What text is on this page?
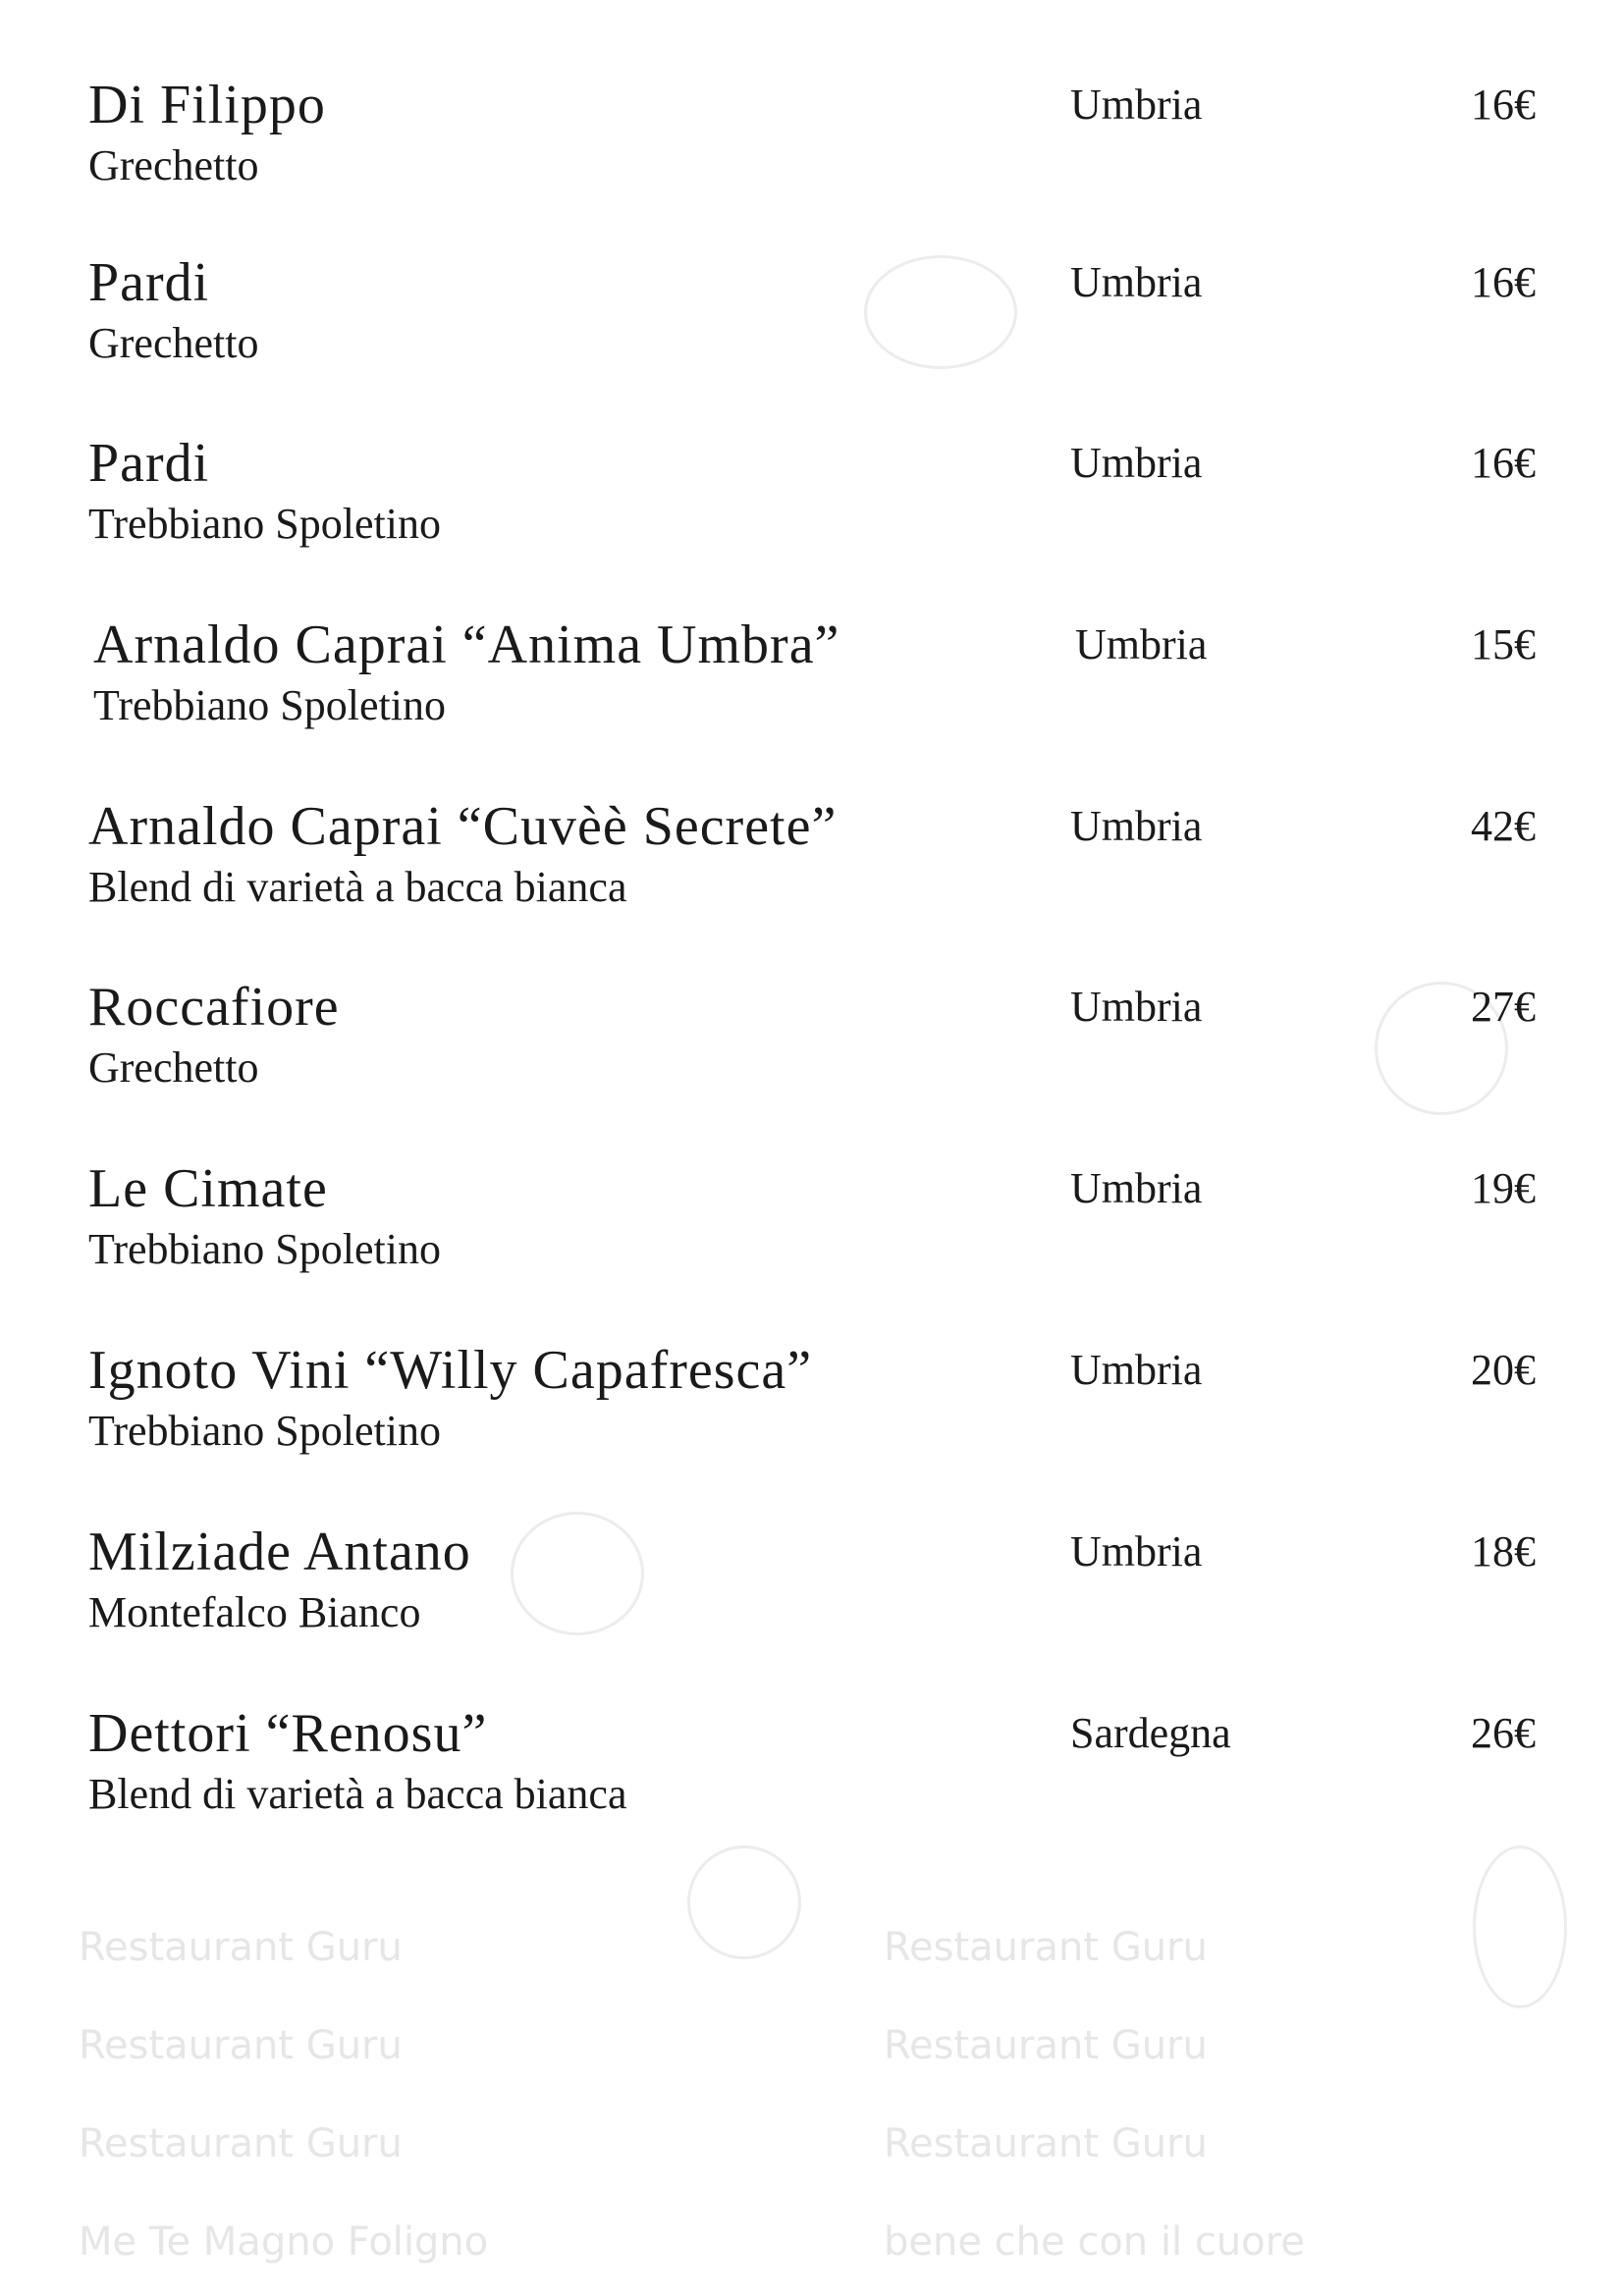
Restaurant Guru	Restaurant Guru
Restaurant Guru	Restaurant Guru
Restaurant Guru	Restaurant Guru
Me Te Magno Foligno	bene che con il cuore
Di Filippo
Grechetto
Umbria	16€
Pardi
Grechetto
Umbria	16€
Pardi
Trebbiano Spoletino
Umbria	16€
Arnaldo Caprai “Anima Umbra”
Trebbiano Spoletino
Umbria	15€
Arnaldo Caprai “Cuvèè Secrete”
Blend di varietà a bacca bianca
Umbria	42€
Roccafiore
Grechetto
Umbria	27€
Le Cimate
Trebbiano Spoletino
Umbria	19€
Ignoto Vini “Willy Capafresca”
Trebbiano Spoletino
Umbria	20€
Milziade Antano
Montefalco Bianco
Umbria	18€
Dettori “Renosu”
Blend di varietà a bacca bianca
Sardegna	26€
